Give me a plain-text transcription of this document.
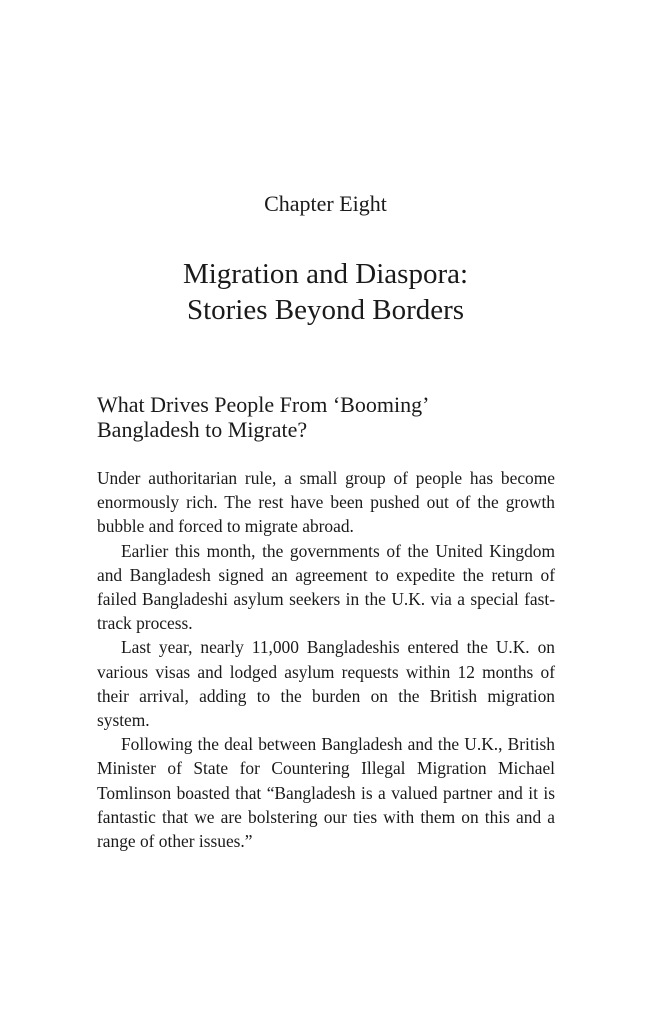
Chapter Eight
Migration and Diaspora:
Stories Beyond Borders
What Drives People From ‘Booming’
Bangladesh to Migrate?

Under authoritarian rule, a small group of people has become enormously rich. The rest have been pushed out of the growth bubble and forced to migrate abroad.

Earlier this month, the governments of the United Kingdom and Bangladesh signed an agreement to expedite the return of failed Bangladeshi asylum seekers in the U.K. via a special fast-track process.

Last year, nearly 11,000 Bangladeshis entered the U.K. on various visas and lodged asylum requests within 12 months of their arrival, adding to the burden on the British migration system.

Following the deal between Bangladesh and the U.K., British Minister of State for Countering Illegal Migration Michael Tomlinson boasted that “Bangladesh is a valued partner and it is fantastic that we are bolstering our ties with them on this and a range of other issues.”
